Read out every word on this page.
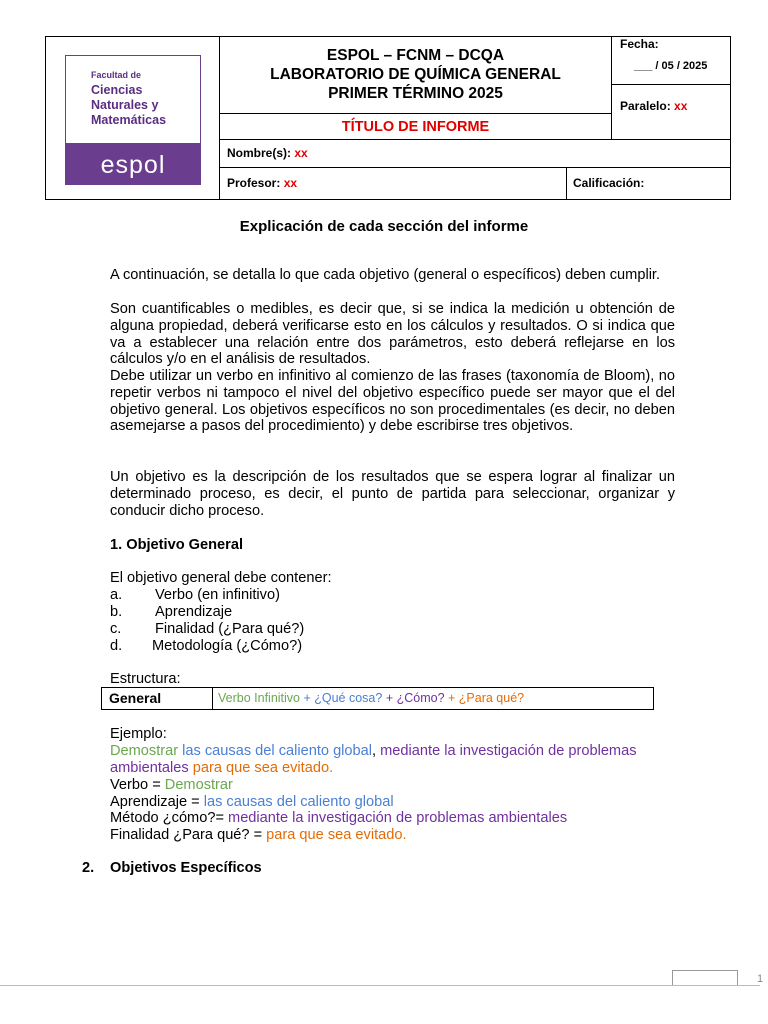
Facultad de
Ciencias
Naturales y
Matemáticas
espol
ESPOL – FCNM – DCQA
LABORATORIO DE QUÍMICA GENERAL
PRIMER TÉRMINO 2025
TÍTULO DE INFORME
Fecha:
___ / 05 / 2025
Paralelo: xx
Nombre(s): xx
Profesor: xx	Calificación:
Explicación de cada sección del informe
A continuación, se detalla lo que cada objetivo (general o específicos) deben cumplir.
Son cuantificables o medibles, es decir que, si se indica la medición u obtención de alguna propiedad, deberá verificarse esto en los cálculos y resultados. O si indica que va a establecer una relación entre dos parámetros, esto deberá reflejarse en los cálculos y/o en el análisis de resultados.
Debe utilizar un verbo en infinitivo al comienzo de las frases (taxonomía de Bloom), no repetir verbos ni tampoco el nivel del objetivo específico puede ser mayor que el del objetivo general. Los objetivos específicos no son procedimentales (es decir, no deben asemejarse a pasos del procedimiento) y debe escribirse tres objetivos.
Un objetivo es la descripción de los resultados que se espera lograr al finalizar un determinado proceso, es decir, el punto de partida para seleccionar, organizar y conducir dicho proceso.
1. Objetivo General
El objetivo general debe contener:
a. Verbo (en infinitivo)
b. Aprendizaje
c. Finalidad (¿Para qué?)
d. Metodología (¿Cómo?)
Estructura:
General	Verbo Infinitivo + ¿Qué cosa? + ¿Cómo? + ¿Para qué?
Ejemplo:
Demostrar las causas del caliento global, mediante la investigación de problemas
ambientales para que sea evitado.
Verbo = Demostrar
Aprendizaje = las causas del caliento global
Método ¿cómo?= mediante la investigación de problemas ambientales
Finalidad ¿Para qué? = para que sea evitado.
2. Objetivos Específicos
1
